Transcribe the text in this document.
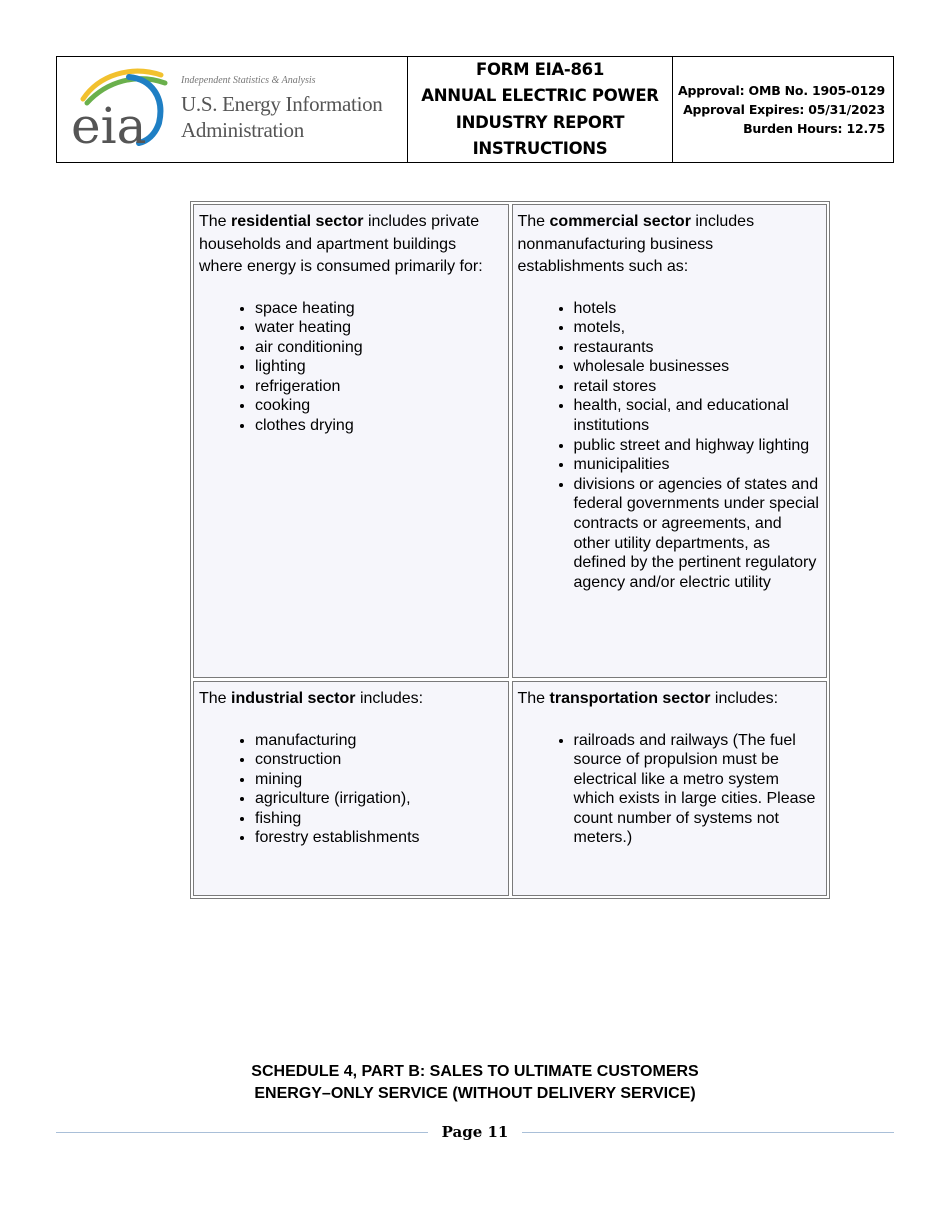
eia
Independent Statistics & Analysis
U.S. Energy Information
Administration
FORM EIA-861
ANNUAL ELECTRIC POWER
INDUSTRY REPORT
INSTRUCTIONS
Approval: OMB No. 1905-0129
Approval Expires: 05/31/2023
Burden Hours: 12.75
The residential sector includes private households and apartment buildings where energy is consumed primarily for:
• space heating
• water heating
• air conditioning
• lighting
• refrigeration
• cooking
• clothes drying
The commercial sector includes nonmanufacturing business establishments such as:
• hotels
• motels,
• restaurants
• wholesale businesses
• retail stores
• health, social, and educational institutions
• public street and highway lighting
• municipalities
• divisions or agencies of states and federal governments under special contracts or agreements, and other utility departments, as defined by the pertinent regulatory agency and/or electric utility
The industrial sector includes:
• manufacturing
• construction
• mining
• agriculture (irrigation),
• fishing
• forestry establishments
The transportation sector includes:
• railroads and railways (The fuel source of propulsion must be electrical like a metro system which exists in large cities. Please count number of systems not meters.)
SCHEDULE 4, PART B: SALES TO ULTIMATE CUSTOMERS
ENERGY–ONLY SERVICE (WITHOUT DELIVERY SERVICE)
Page 11
